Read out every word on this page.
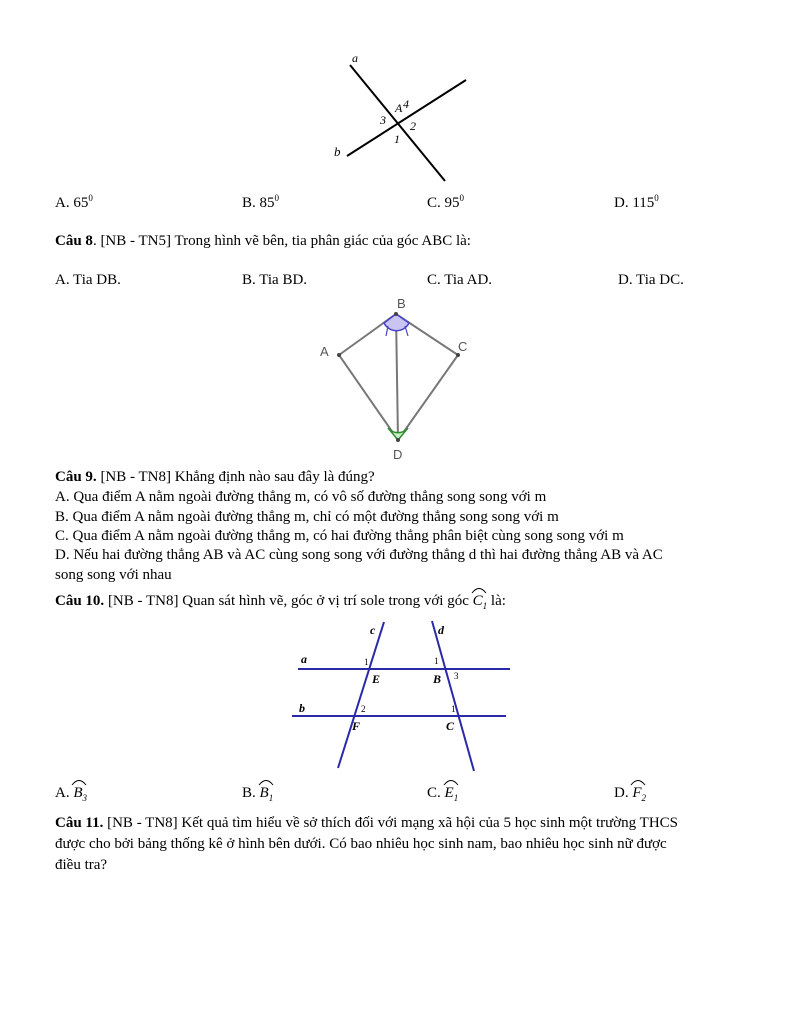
a
b
A 4
3 2
1
A. $65^0$	B. $85^0$	C. $95^0$	D. $115^0$
Câu 8. [NB - TN5] Trong hình vẽ bên, tia phân giác của góc ABC là:
A. Tia DB.	B. Tia BD.	C. Tia AD.	D. Tia DC.
A
B
C
D
Câu 9. [NB - TN8] Khẳng định nào sau đây là đúng?
A. Qua điểm A nằm ngoài đường thẳng m, có vô số đường thẳng song song với m
B. Qua điểm A nằm ngoài đường thẳng m, chỉ có một đường thẳng song song với m
C. Qua điểm A nằm ngoài đường thẳng m, có hai đường thẳng phân biệt cùng song song với m
D. Nếu hai đường thẳng AB và AC cùng song song với đường thẳng d thì hai đường thẳng AB và AC
song song với nhau
Câu 10. [NB - TN8] Quan sát hình vẽ, góc ở vị trí sole trong với góc
$C_1$ là:
c	d
a
b
1	1
E	B 3
2	1
F	C
A. $B_3$	B. $B_1$	C. $E_1$	D. $F_2$
Câu 11. [NB - TN8] Kết quả tìm hiểu về sở thích đối với mạng xã hội của 5 học sinh một trường THCS
được cho bởi bảng thống kê ở hình bên dưới. Có bao nhiêu học sinh nam, bao nhiêu học sinh nữ được
điều tra?
